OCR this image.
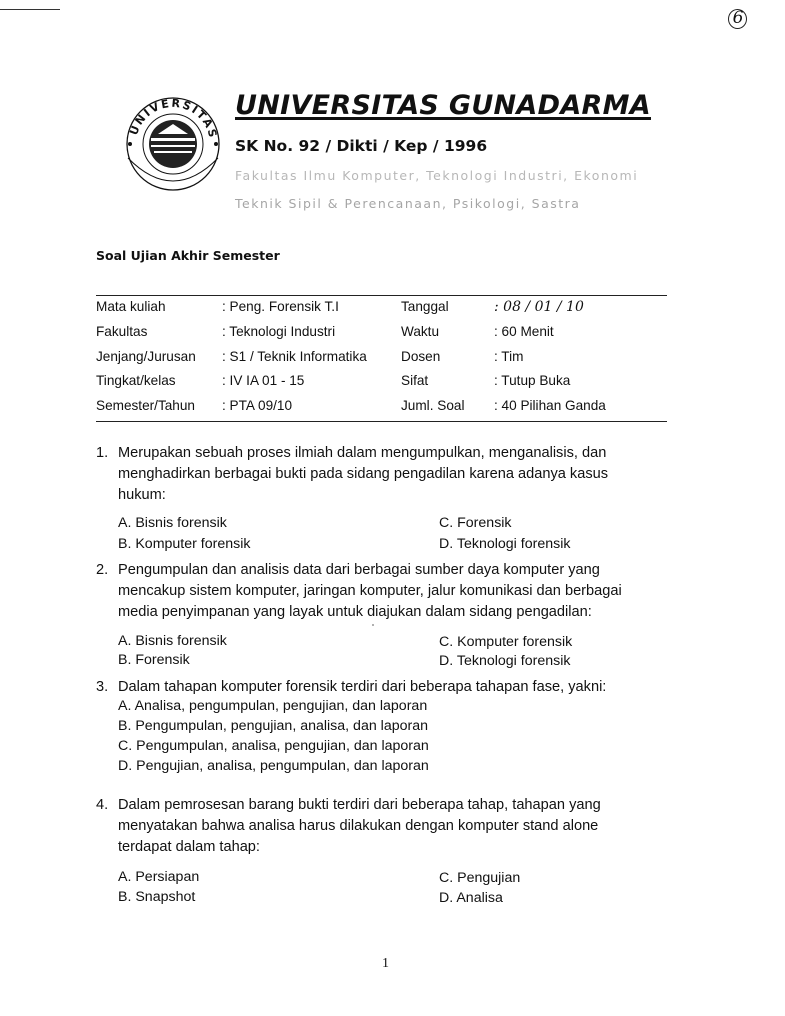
6
UNIVERSITAS
UNIVERSITAS GUNADARMA
SK No. 92 / Dikti / Kep / 1996
Fakultas Ilmu Komputer, Teknologi Industri, Ekonomi
Teknik Sipil & Perencanaan, Psikologi, Sastra
Soal Ujian Akhir Semester
Mata kuliah	: Peng. Forensik T.I	Tanggal	: 08 / 01 / 10
Fakultas	: Teknologi Industri	Waktu	: 60 Menit
Jenjang/Jurusan : S1 / Teknik Informatika	Dosen	: Tim
Tingkat/kelas	: IV IA 01 - 15	Sifat	: Tutup Buka
Semester/Tahun : PTA 09/10	Juml. Soal : 40 Pilihan Ganda
1. Merupakan sebuah proses ilmiah dalam mengumpulkan, menganalisis, dan
menghadirkan berbagai bukti pada sidang pengadilan karena adanya kasus
hukum:
A. Bisnis forensik
B. Komputer forensik
C. Forensik
D. Teknologi forensik
2. Pengumpulan dan analisis data dari berbagai sumber daya komputer yang
mencakup sistem komputer, jaringan komputer, jalur komunikasi dan berbagai
media penyimpanan yang layak untuk diajukan dalam sidang pengadilan:
A. Bisnis forensik
B. Forensik
C. Komputer forensik
D. Teknologi forensik
3. Dalam tahapan komputer forensik terdiri dari beberapa tahapan fase, yakni:
A. Analisa, pengumpulan, pengujian, dan laporan
B. Pengumpulan, pengujian, analisa, dan laporan
C. Pengumpulan, analisa, pengujian, dan laporan
D. Pengujian, analisa, pengumpulan, dan laporan
4. Dalam pemrosesan barang bukti terdiri dari beberapa tahap, tahapan yang
menyatakan bahwa analisa harus dilakukan dengan komputer stand alone
terdapat dalam tahap:
A. Persiapan
B. Snapshot
C. Pengujian
D. Analisa
1
